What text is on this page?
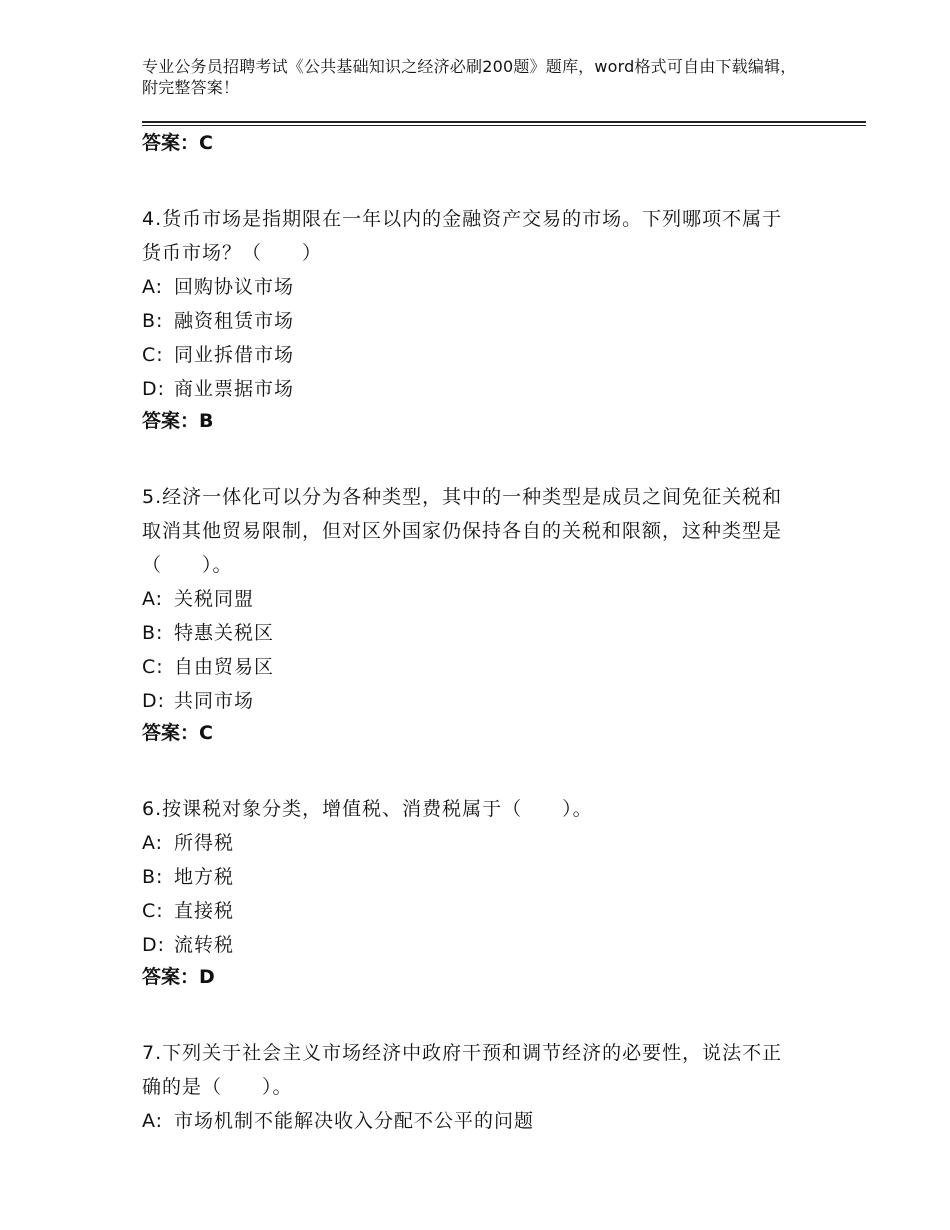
专业公务员招聘考试《公共基础知识之经济必刷200题》题库，word格式可自由下载编辑，附完整答案！
答案：C
4.货币市场是指期限在一年以内的金融资产交易的市场。下列哪项不属于货币市场？（　　）
A: 回购协议市场
B: 融资租赁市场
C: 同业拆借市场
D: 商业票据市场
答案：B
5.经济一体化可以分为各种类型，其中的一种类型是成员之间免征关税和取消其他贸易限制，但对区外国家仍保持各自的关税和限额，这种类型是（　　）。
A: 关税同盟
B: 特惠关税区
C: 自由贸易区
D: 共同市场
答案：C
6.按课税对象分类，增值税、消费税属于（　　）。
A: 所得税
B: 地方税
C: 直接税
D: 流转税
答案：D
7.下列关于社会主义市场经济中政府干预和调节经济的必要性，说法不正确的是（　　）。
A: 市场机制不能解决收入分配不公平的问题
